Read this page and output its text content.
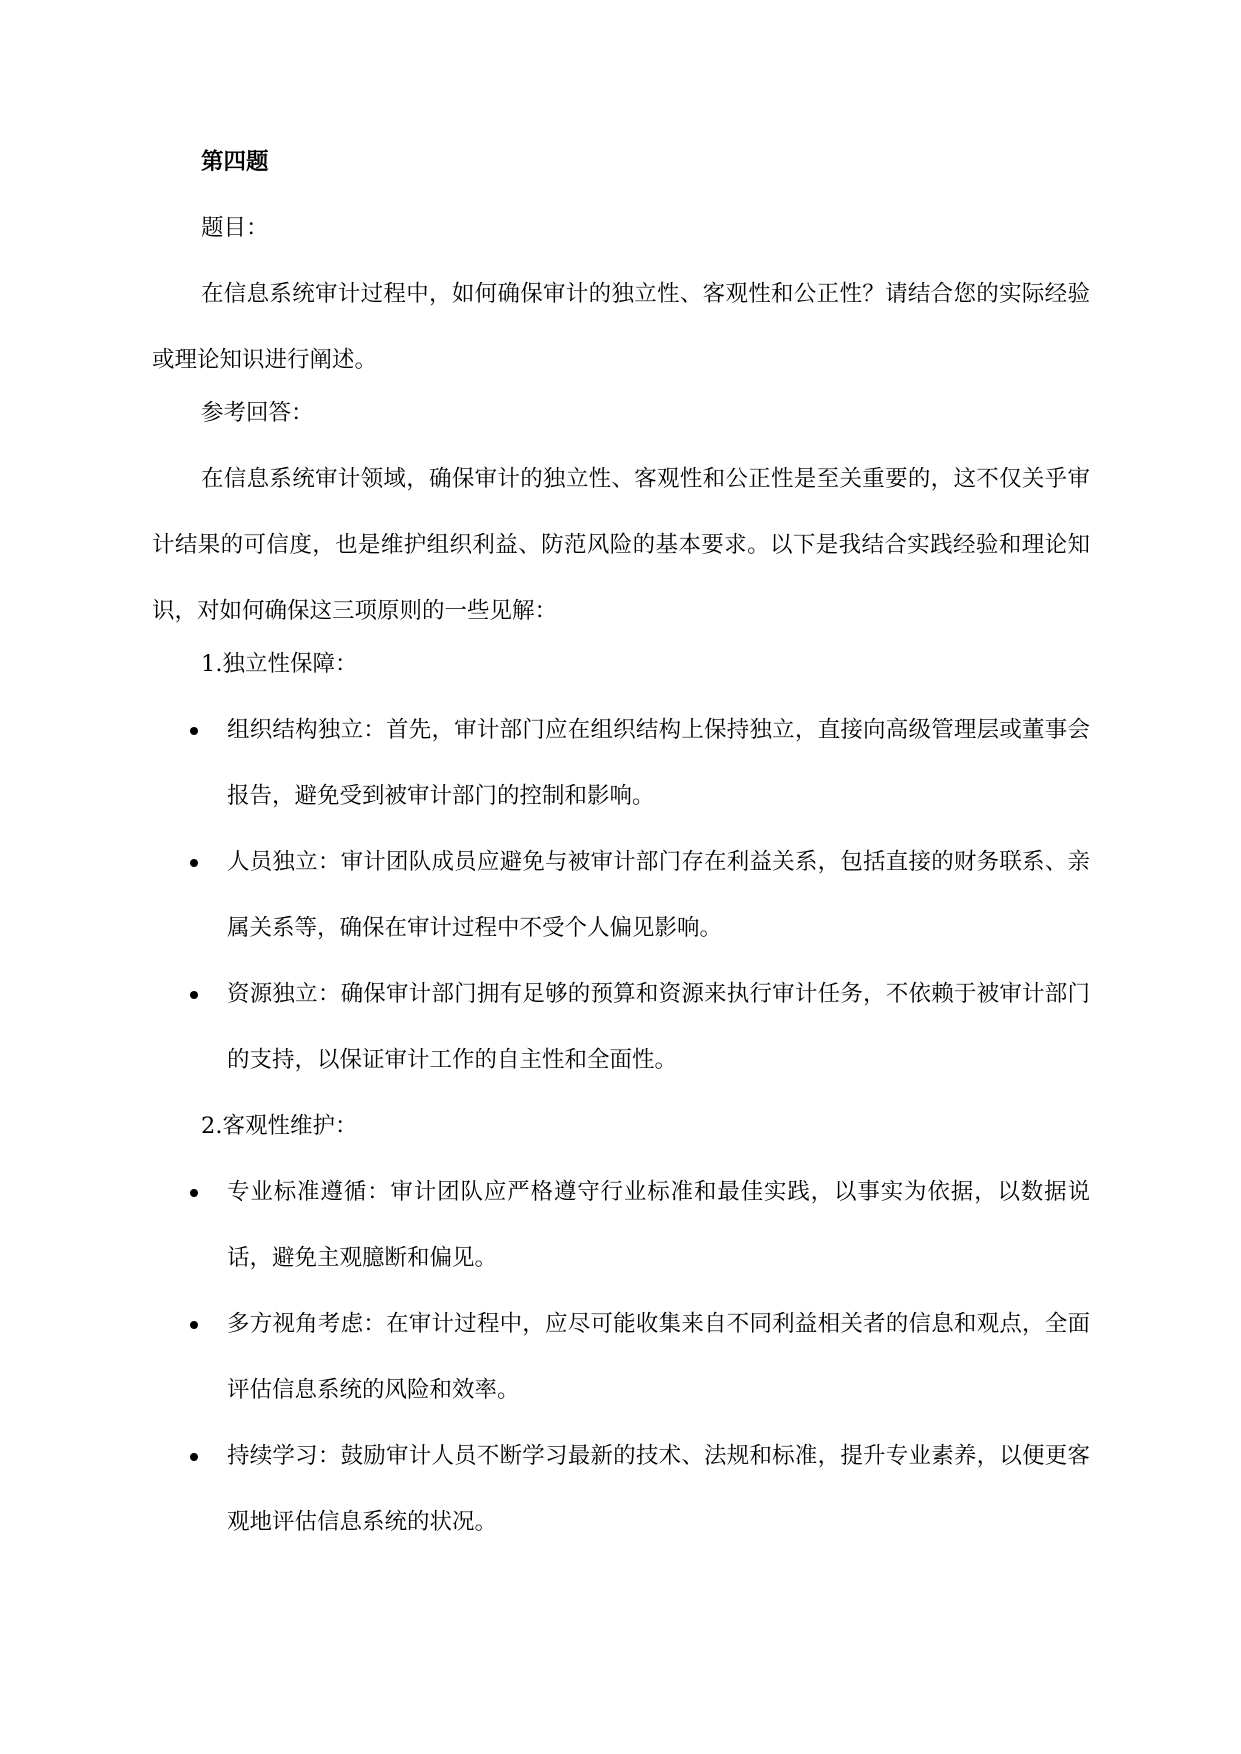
第四题
题目：

在信息系统审计过程中，如何确保审计的独立性、客观性和公正性？请结合您的实际经验或理论知识进行阐述。

参考回答：

在信息系统审计领域，确保审计的独立性、客观性和公正性是至关重要的，这不仅关乎审计结果的可信度，也是维护组织利益、防范风险的基本要求。以下是我结合实践经验和理论知识，对如何确保这三项原则的一些见解：

1.独立性保障：
组织结构独立：首先，审计部门应在组织结构上保持独立，直接向高级管理层或董事会报告，避免受到被审计部门的控制和影响。
人员独立：审计团队成员应避免与被审计部门存在利益关系，包括直接的财务联系、亲属关系等，确保在审计过程中不受个人偏见影响。
资源独立：确保审计部门拥有足够的预算和资源来执行审计任务，不依赖于被审计部门的支持，以保证审计工作的自主性和全面性。
2.客观性维护：
专业标准遵循：审计团队应严格遵守行业标准和最佳实践，以事实为依据，以数据说话，避免主观臆断和偏见。
多方视角考虑：在审计过程中，应尽可能收集来自不同利益相关者的信息和观点，全面评估信息系统的风险和效率。
持续学习：鼓励审计人员不断学习最新的技术、法规和标准，提升专业素养，以便更客观地评估信息系统的状况。
